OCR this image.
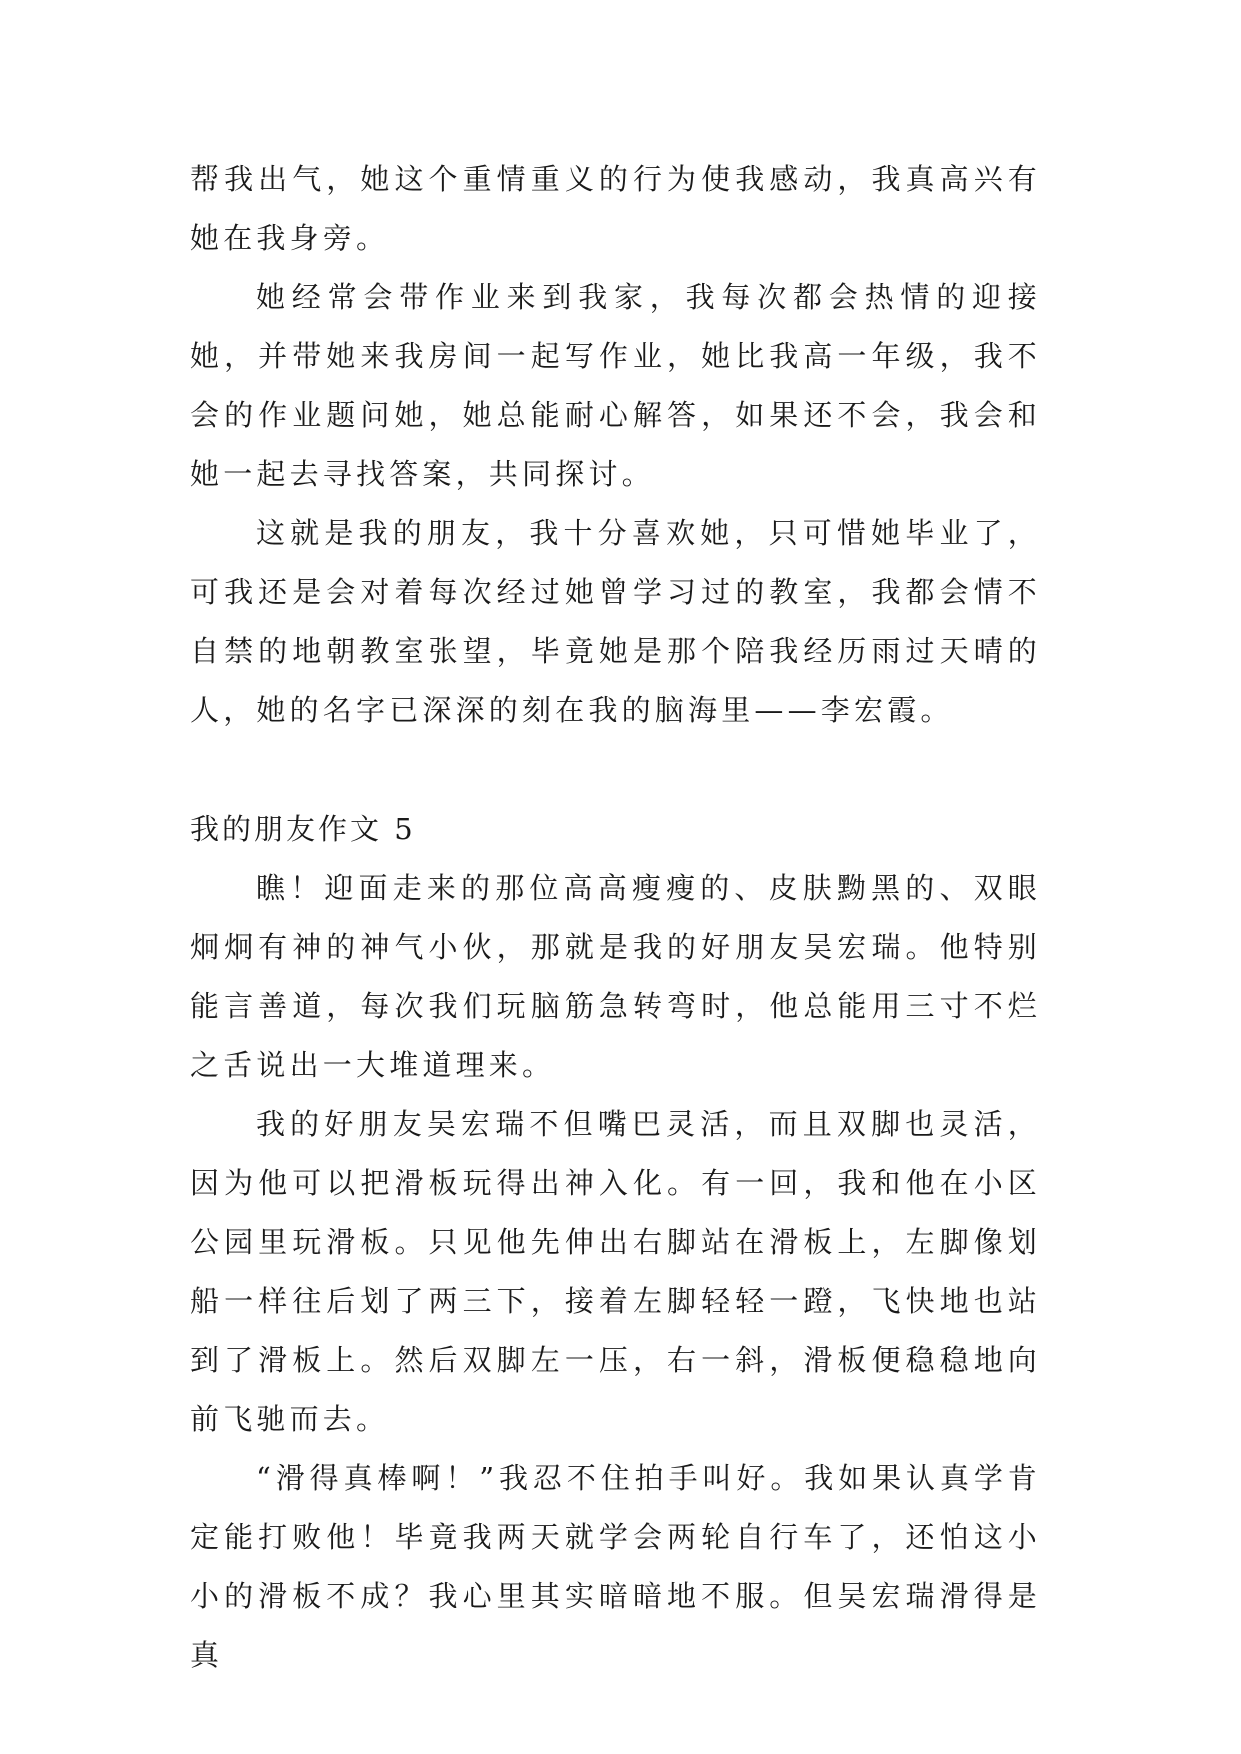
帮我出气，她这个重情重义的行为使我感动，我真高兴有她在我身旁。

她经常会带作业来到我家，我每次都会热情的迎接她，并带她来我房间一起写作业，她比我高一年级，我不会的作业题问她，她总能耐心解答，如果还不会，我会和她一起去寻找答案，共同探讨。

这就是我的朋友，我十分喜欢她，只可惜她毕业了，可我还是会对着每次经过她曾学习过的教室，我都会情不自禁的地朝教室张望，毕竟她是那个陪我经历雨过天晴的人，她的名字已深深的刻在我的脑海里——李宏霞。

我的朋友作文 5

瞧！迎面走来的那位高高瘦瘦的、皮肤黝黑的、双眼炯炯有神的神气小伙，那就是我的好朋友吴宏瑞。他特别能言善道，每次我们玩脑筋急转弯时，他总能用三寸不烂之舌说出一大堆道理来。

我的好朋友吴宏瑞不但嘴巴灵活，而且双脚也灵活，因为他可以把滑板玩得出神入化。有一回，我和他在小区公园里玩滑板。只见他先伸出右脚站在滑板上，左脚像划船一样往后划了两三下，接着左脚轻轻一蹬，飞快地也站到了滑板上。然后双脚左一压，右一斜，滑板便稳稳地向前飞驰而去。

“滑得真棒啊！”我忍不住拍手叫好。我如果认真学肯定能打败他！毕竟我两天就学会两轮自行车了，还怕这小小的滑板不成？我心里其实暗暗地不服。但吴宏瑞滑得是真
